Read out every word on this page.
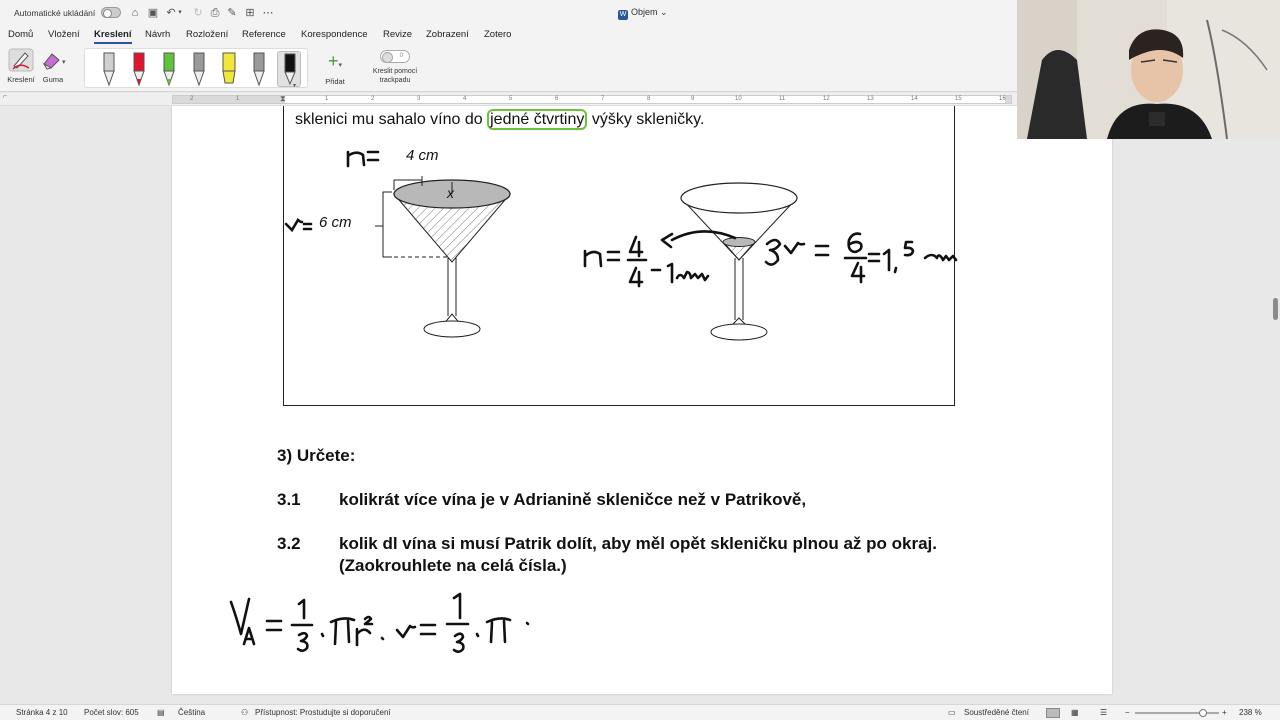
Automatické ukládání	⌂ ▣ ↶ ▾ ↻ ⎙ ✎ ⊞ ⋯	W Objem ⌄
Domů Vložení Kreslení Návrh Rozložení Reference Korespondence Revize Zobrazení Zotero
Kreslení
▾
Guma
▾
+▾
Přidat
0
Kreslit pomocí trackpadu
⌐	2	1	1	2	3	4	5	6	7	8	9	10	11	12	13	14	15	16
⧗
sklenici mu sahalo víno do jedné čtvrtiny výšky skleničky.
x
4 cm
6 cm
3) Určete:
3.1 kolikrát více vína je v Adrianině skleničce než v Patrikově,
3.2 kolik dl vína si musí Patrik dolít, aby měl opět skleničku plnou až po okraj.
(Zaokrouhlete na celá čísla.)
Stránka 4 z 10 Počet slov: 605 ▤ Čeština	⚇ Přístupnost: Prostudujte si doporučení	▭ Soustředěné čtení	▦	☰ −	+ 238 %
